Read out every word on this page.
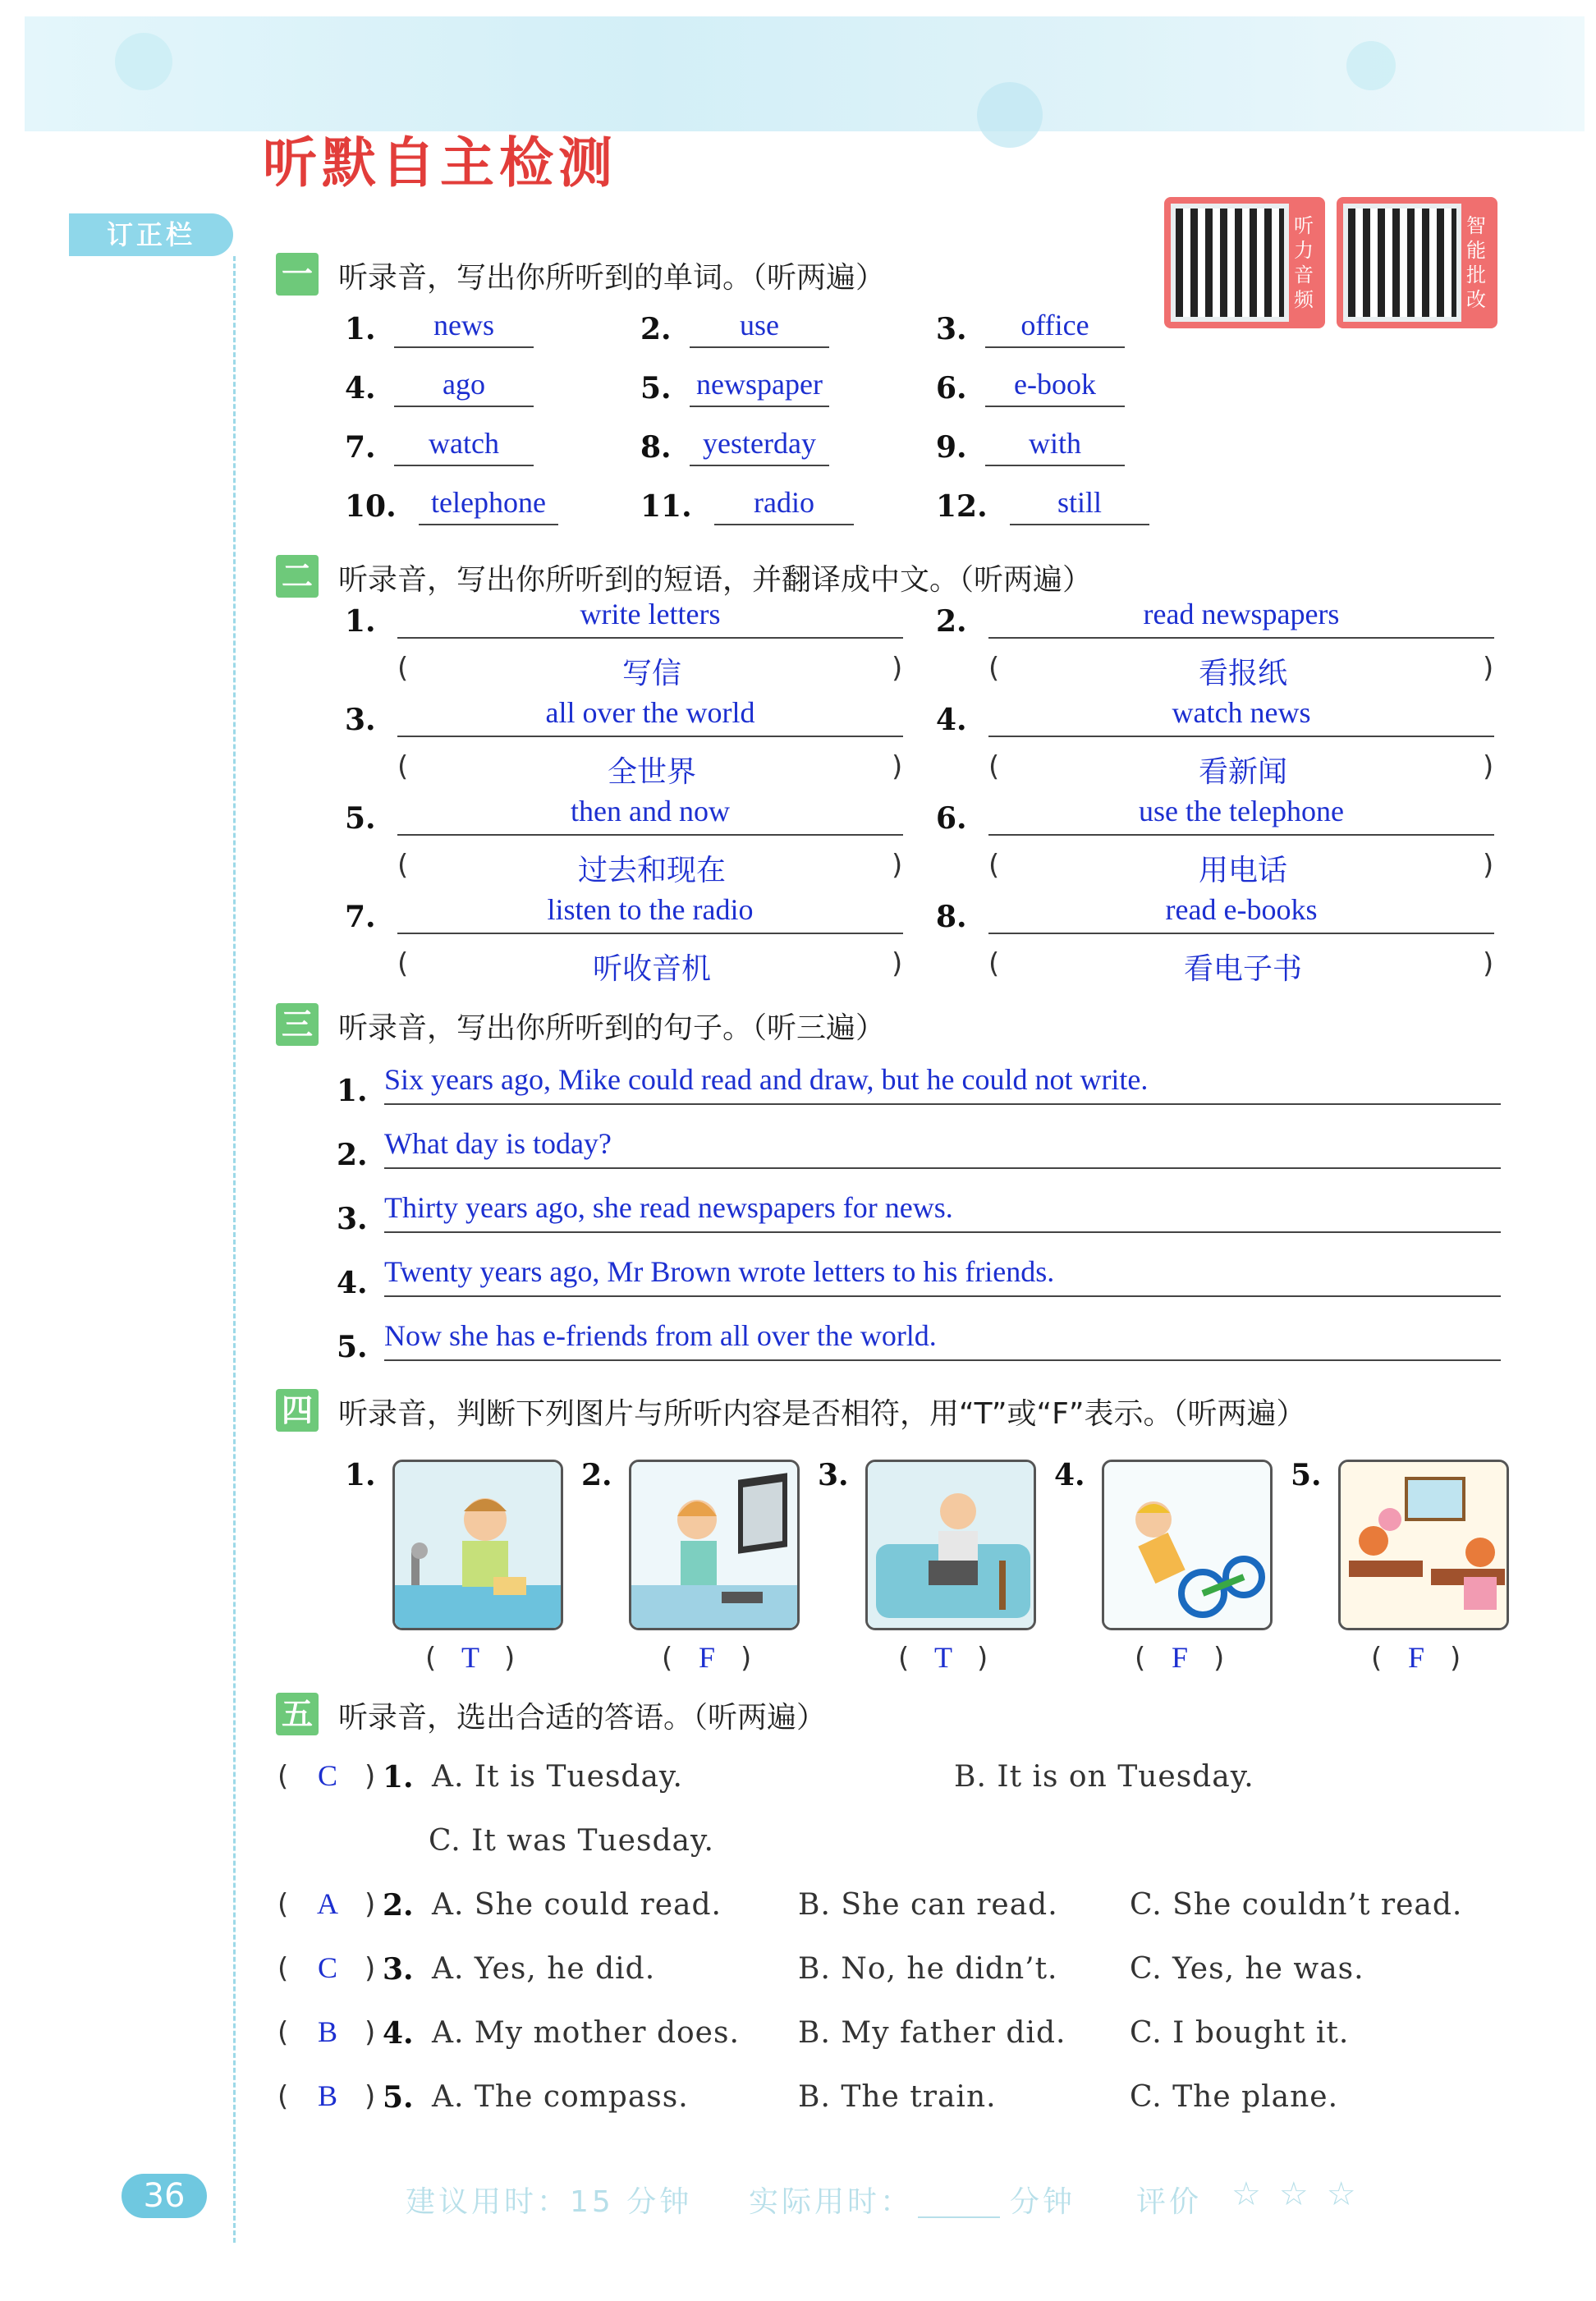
听默自主检测
订正栏	听力音频
智能批改
一 听录音，写出你所听到的单词。（听两遍）
1.	news	2.	use	3.	office
4.	ago	5. newspaper	6.	e-book
7.	watch	8.	yesterday	9.	with
10.	telephone	11.	radio	12.	still
二 听录音，写出你所听到的短语，并翻译成中文。（听两遍）
1.	write letters
(	写信	)
2.	read newspapers
(	看报纸	)
3.	all over the world
(	全世界	)
4.	watch news
(	看新闻	)
5.	then and now
(	过去和现在	)
6.	use the telephone
(	用电话	)
7.	listen to the radio
(	听收音机	)
8.	read e-books
(	看电子书	)
三 听录音，写出你所听到的句子。（听三遍）
1. Six years ago, Mike could read and draw, but he could not write.
2. What day is today?
3. Thirty years ago, she read newspapers for news.
4. Twenty years ago, Mr Brown wrote letters to his friends.
5. Now she has e-friends from all over the world.
四 听录音，判断下列图片与所听内容是否相符，用“T”或“F”表示。（听两遍）
1.
( T )
2.
( F )
3.
( T )
4.
( F )
5.
( F )
五 听录音，选出合适的答语。（听两遍）
( C ) 1. A. It is Tuesday.	B. It is on Tuesday.
C. It was Tuesday.
( A ) 2. A. She could read.	B. She can read. C. She couldn’t read.
( C ) 3. A. Yes, he did.	B. No, he didn’t. C. Yes, he was.
( B ) 4. A. My mother does. B. My father did. C. I bought it.
( B ) 5. A. The compass.	B. The train.	C. The plane.
36	建议用时：15 分钟 实际用时：	分钟 评价 ☆☆☆
